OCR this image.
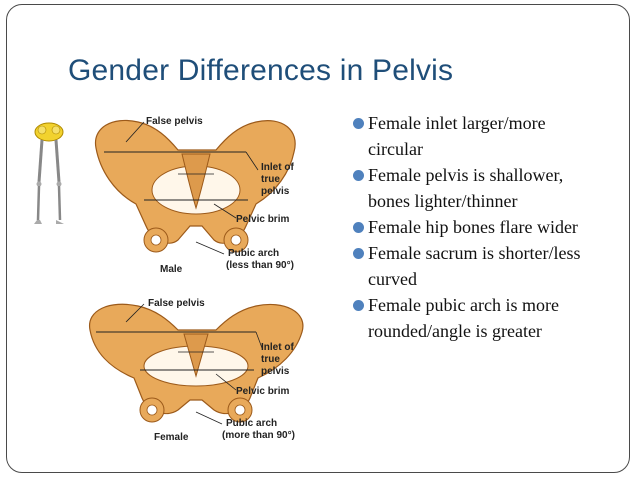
Gender Differences in Pelvis
False pelvis
Inlet of
true
pelvis
Pelvic brim
Pubic arch
(less than 90°)
Male
False pelvis
Inlet of
true
pelvis
Pelvic brim
Pubic arch
(more than 90°)
Female
Female inlet larger/more circular
Female pelvis is shallower, bones lighter/thinner
Female hip bones flare wider
Female sacrum is shorter/less curved
Female pubic arch is more rounded/angle is greater
